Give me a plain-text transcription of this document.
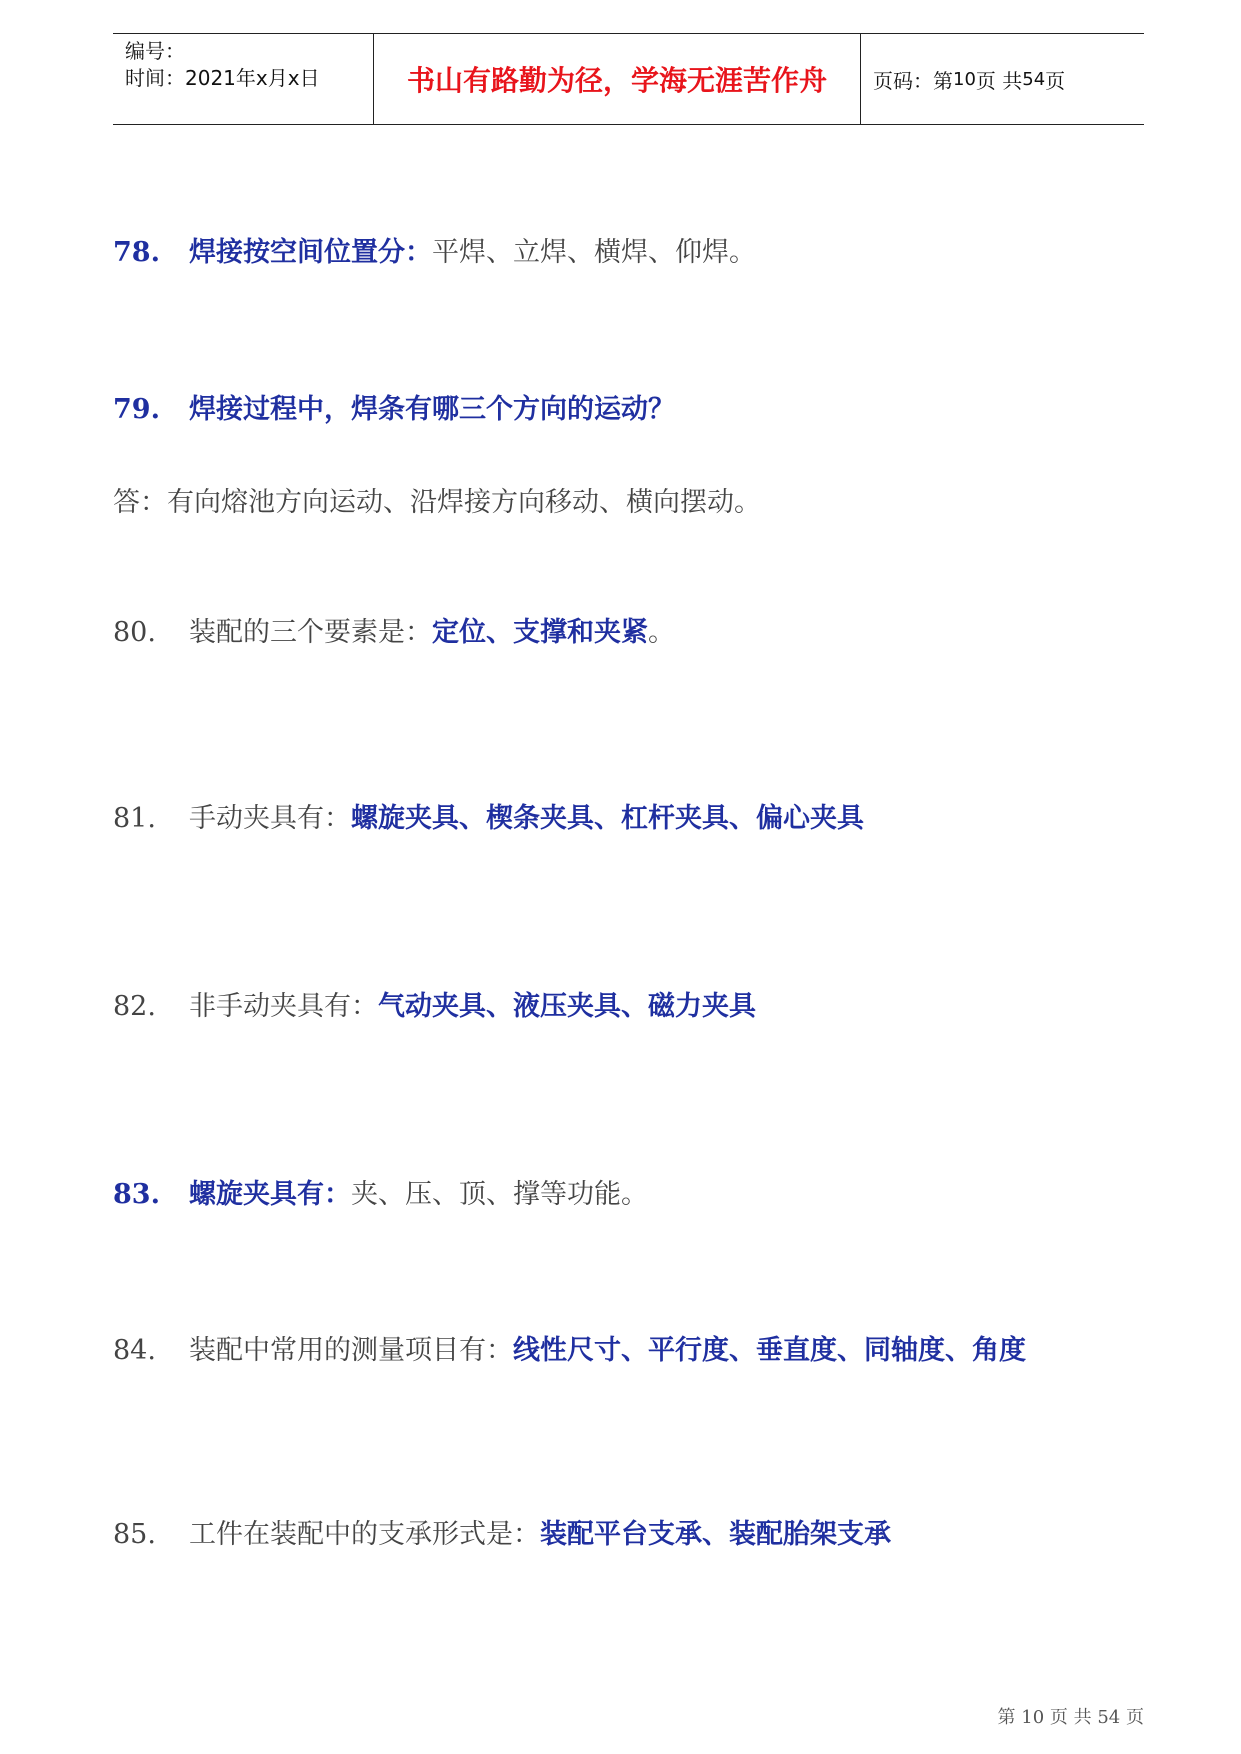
编号：
时间：2021年x月x日	书山有路勤为径，学海无涯苦作舟	页码：第 10 页 共 54 页
78. 焊接按空间位置分：平焊、立焊、横焊、仰焊。
79. 焊接过程中，焊条有哪三个方向的运动？
答：有向熔池方向运动、沿焊接方向移动、横向摆动。
80. 装配的三个要素是：定位、支撑和夹紧。
81. 手动夹具有：螺旋夹具、楔条夹具、杠杆夹具、偏心夹具
82. 非手动夹具有：气动夹具、液压夹具、磁力夹具
83. 螺旋夹具有：夹、压、顶、撑等功能。
84. 装配中常用的测量项目有：线性尺寸、平行度、垂直度、同轴度、角度
85. 工件在装配中的支承形式是：装配平台支承、装配胎架支承
第 10 页 共 54 页
